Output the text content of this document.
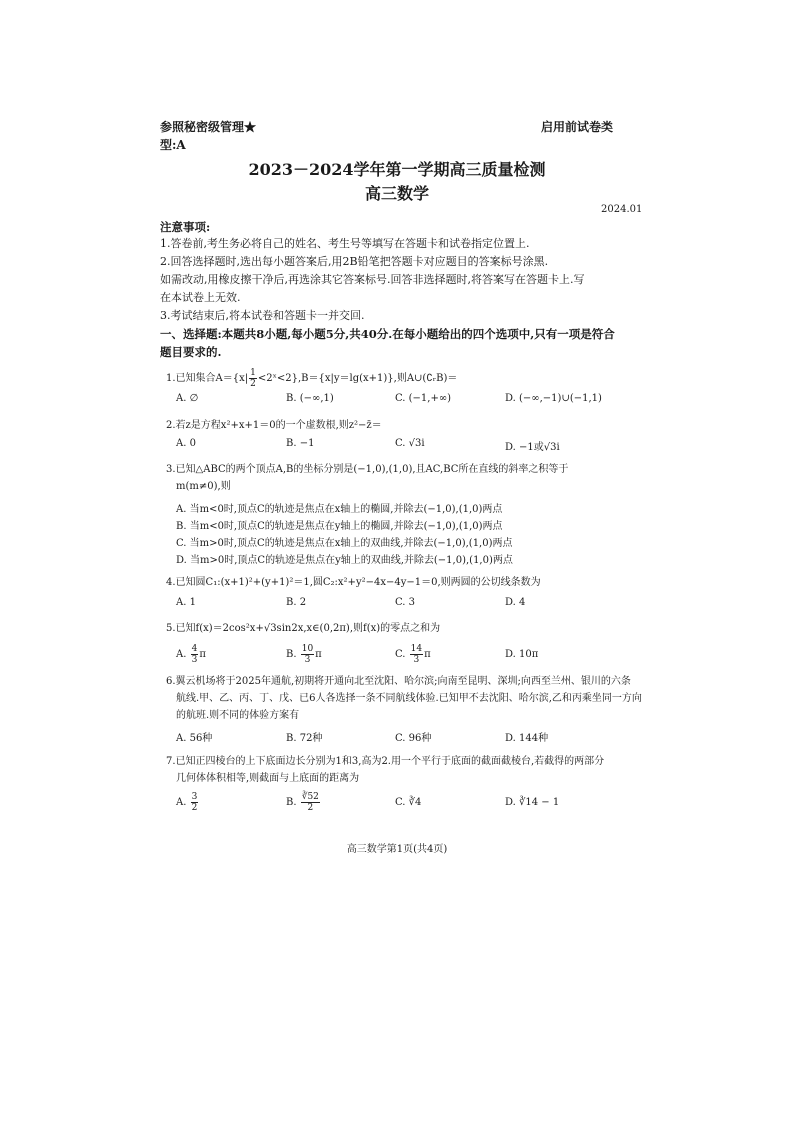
参照秘密级管理★	启用前试卷类
型:A
2023－2024学年第一学期高三质量检测
高三数学
2024.01
注意事项:
1.答卷前,考生务必将自己的姓名、考生号等填写在答题卡和试卷指定位置上.
2.回答选择题时,选出每小题答案后,用2B铅笔把答题卡对应题目的答案标号涂黑.
如需改动,用橡皮擦干净后,再选涂其它答案标号.回答非选择题时,将答案写在答题卡上.写
在本试卷上无效.
3.考试结束后,将本试卷和答题卡一并交回.
一、选择题:本题共8小题,每小题5分,共40分.在每小题给出的四个选项中,只有一项是符合
题目要求的.
1.已知集合$A=\{x| \frac{1}{2}$ <2ˣ<2},B＝{x|y＝lg(x+1)},则A∪(∁ᵣB)＝
A. ∅	B. (−∞,1)	C. (−1,+∞)	D. (−∞,−1)∪(−1,1)
2.若z是方程x²+x+1＝0的一个虚数根,则z²−z̄＝
A. 0	B. −1	C. √3i	D. −1或√3i
3.已知△ABC的两个顶点A,B的坐标分别是(−1,0),(1,0),且AC,BC所在直线的斜率之积等于
m(m≠0),则
A. 当m<0时,顶点C的轨迹是焦点在x轴上的椭圆,并除去(−1,0),(1,0)两点
B. 当m<0时,顶点C的轨迹是焦点在y轴上的椭圆,并除去(−1,0),(1,0)两点
C. 当m>0时,顶点C的轨迹是焦点在x轴上的双曲线,并除去(−1,0),(1,0)两点
D. 当m>0时,顶点C的轨迹是焦点在y轴上的双曲线,并除去(−1,0),(1,0)两点
4.已知圆C₁:(x+1)²+(y+1)²＝1,圆C₂:x²+y²−4x−4y−1＝0,则两圆的公切线条数为
A. 1	B. 2	C. 3	D. 4
5.已知f(x)＝2cos²x+√3sin2x,x∈(0,2π),则f(x)的零点之和为
A. $\frac{4}{3}$ π	B. $\frac{10}{3}$ π	C. $\frac{14}{3}$ π	D. 10π
6.翼云机场将于2025年通航,初期将开通向北至沈阳、哈尔滨;向南至昆明、深圳;向西至兰州、银川的六条
航线.甲、乙、丙、丁、戊、已6人各选择一条不同航线体验.已知甲不去沈阳、哈尔滨,乙和丙乘坐同一方向
的航班.则不同的体验方案有
A. 56种	B. 72种	C. 96种	D. 144种
7.已知正四棱台的上下底面边长分别为1和3,高为2.用一个平行于底面的截面截棱台,若截得的两部分
几何体体积相等,则截面与上底面的距离为
A. $\frac{3}{2}$	B. $\frac{∛52}{2}$	C. ∛4	D. ∛14 − 1
高三数学第1页(共4页)
